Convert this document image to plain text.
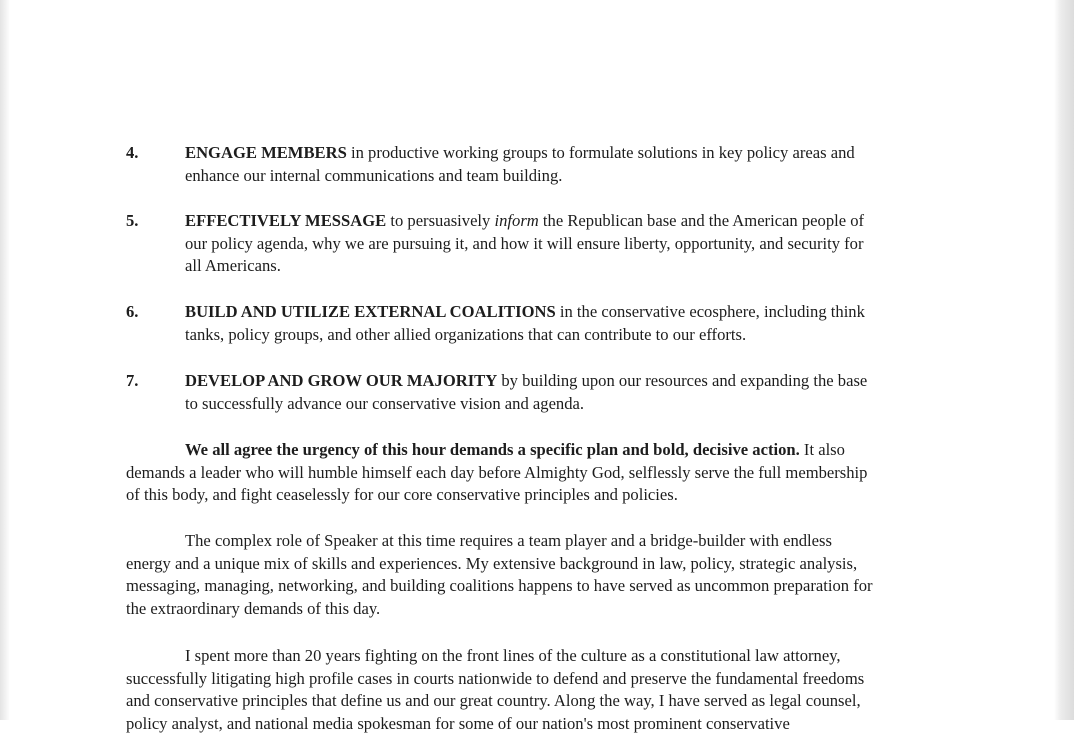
4.	ENGAGE MEMBERS in productive working groups to formulate solutions in key policy areas and
enhance our internal communications and team building.
5.	EFFECTIVELY MESSAGE to persuasively inform the Republican base and the American people of
our policy agenda, why we are pursuing it, and how it will ensure liberty, opportunity, and security for
all Americans.
6.	BUILD AND UTILIZE EXTERNAL COALITIONS in the conservative ecosphere, including think
tanks, policy groups, and other allied organizations that can contribute to our efforts.
7.	DEVELOP AND GROW OUR MAJORITY by building upon our resources and expanding the base
to successfully advance our conservative vision and agenda.
We all agree the urgency of this hour demands a specific plan and bold, decisive action. It also
demands a leader who will humble himself each day before Almighty God, selflessly serve the full membership
of this body, and fight ceaselessly for our core conservative principles and policies.
The complex role of Speaker at this time requires a team player and a bridge-builder with endless
energy and a unique mix of skills and experiences. My extensive background in law, policy, strategic analysis,
messaging, managing, networking, and building coalitions happens to have served as uncommon preparation for
the extraordinary demands of this day.
I spent more than 20 years fighting on the front lines of the culture as a constitutional law attorney,
successfully litigating high profile cases in courts nationwide to defend and preserve the fundamental freedoms
and conservative principles that define us and our great country. Along the way, I have served as legal counsel,
policy analyst, and national media spokesman for some of our nation's most prominent conservative
